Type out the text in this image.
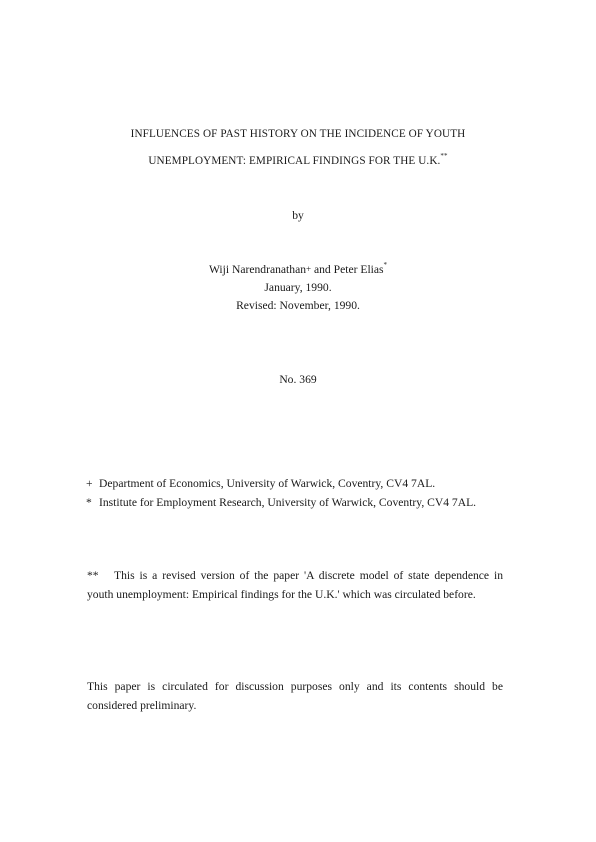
INFLUENCES OF PAST HISTORY ON THE INCIDENCE OF YOUTH
UNEMPLOYMENT: EMPIRICAL FINDINGS FOR THE U.K.**
by
Wiji Narendranathan+ and Peter Elias*
January, 1990.
Revised: November, 1990.
No. 369
+ Department of Economics, University of Warwick, Coventry, CV4 7AL.
* Institute for Employment Research, University of Warwick, Coventry, CV4 7AL.
** This is a revised version of the paper 'A discrete model of state dependence in
youth unemployment: Empirical findings for the U.K.' which was circulated before.
This paper is circulated for discussion purposes only and its contents should be
considered preliminary.
